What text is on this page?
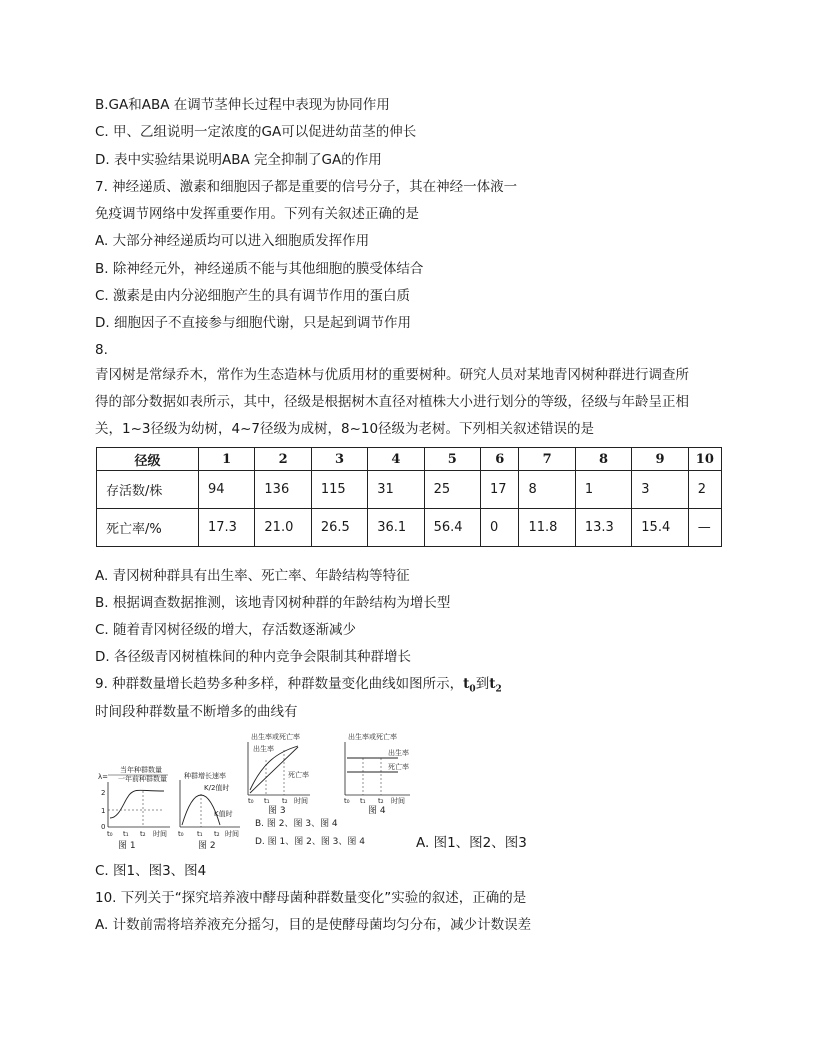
B.GA和ABA 在调节茎伸长过程中表现为协同作用
C. 甲、乙组说明一定浓度的GA可以促进幼苗茎的伸长
D. 表中实验结果说明ABA 完全抑制了GA的作用
7. 神经递质、激素和细胞因子都是重要的信号分子，其在神经一体液一
免疫调节网络中发挥重要作用。下列有关叙述正确的是
A. 大部分神经递质均可以进入细胞质发挥作用
B. 除神经元外，神经递质不能与其他细胞的膜受体结合
C. 激素是由内分泌细胞产生的具有调节作用的蛋白质
D. 细胞因子不直接参与细胞代谢，只是起到调节作用
8.
青冈树是常绿乔木，常作为生态造林与优质用材的重要树种。研究人员对某地青冈树种群进行调查所
得的部分数据如表所示，其中，径级是根据树木直径对植株大小进行划分的等级，径级与年龄呈正相
关，1~3径级为幼树，4~7径级为成树，8~10径级为老树。下列相关叙述错误的是
径级	1	2	3	4	5	6	7	8	9	10
存活数/株	94	136	115	31	25	17	8	1	3	2
死亡率/%	17.3	21.0	26.5	36.1	56.4	0	11.8	13.3	15.4	—
A. 青冈树种群具有出生率、死亡率、年龄结构等特征
B. 根据调查数据推测，该地青冈树种群的年龄结构为增长型
C. 随着青冈树径级的增大，存活数逐渐减少
D. 各径级青冈树植株间的种内竞争会限制其种群增长
9. 种群数量增长趋势多种多样，种群数量变化曲线如图所示，$t_0$到$t_2$
时间段种群数量不断增多的曲线有
当年种群数量
λ= 一年前种群数量
2
1
0
t₀ t₁ t₂ 时间
图 1
种群增长速率
K/2值时
K值时
t₀ t₁ t₂ 时间
图 2
出生率或死亡率
出生率
死亡率
t₀ t₁ t₂ 时间
图 3
出生率或死亡率
出生率
死亡率
t₀ t₁ t₂ 时间
图 4
B. 图 2、图 3、图 4
D. 图 1、图 2、图 3、图 4	A. 图1、图2、图3
C. 图1、图3、图4
10. 下列关于“探究培养液中酵母菌种群数量变化”实验的叙述，正确的是
A. 计数前需将培养液充分摇匀，目的是使酵母菌均匀分布，减少计数误差
